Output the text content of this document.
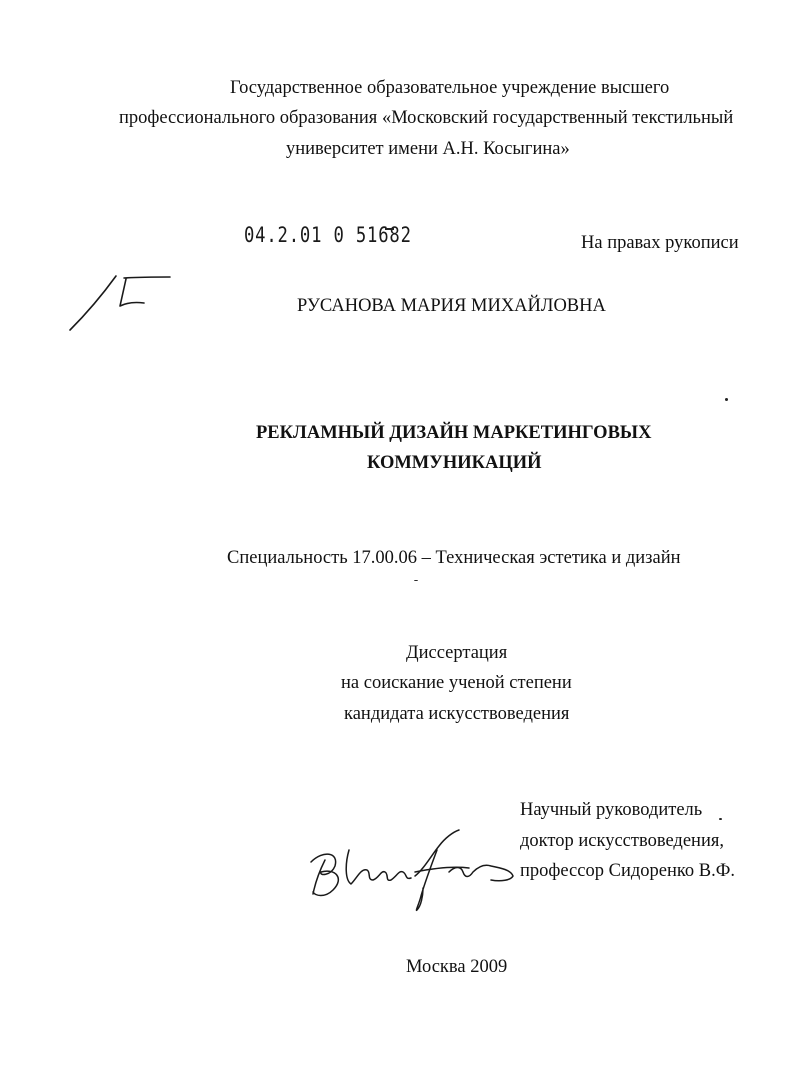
Государственное образовательное учреждение высшего
профессионального образования «Московский государственный текстильный
университет имени А.Н. Косыгина»
04.2.01 0 51682	На правах рукописи
РУСАНОВА МАРИЯ МИХАЙЛОВНА
РЕКЛАМНЫЙ ДИЗАЙН МАРКЕТИНГОВЫХ
КОММУНИКАЦИЙ
Специальность 17.00.06 – Техническая эстетика и дизайн
Диссертация
на соискание ученой степени
кандидата искусствоведения
Научный руководитель
доктор искусствоведения,
профессор Сидоренко В.Ф.
Москва 2009
